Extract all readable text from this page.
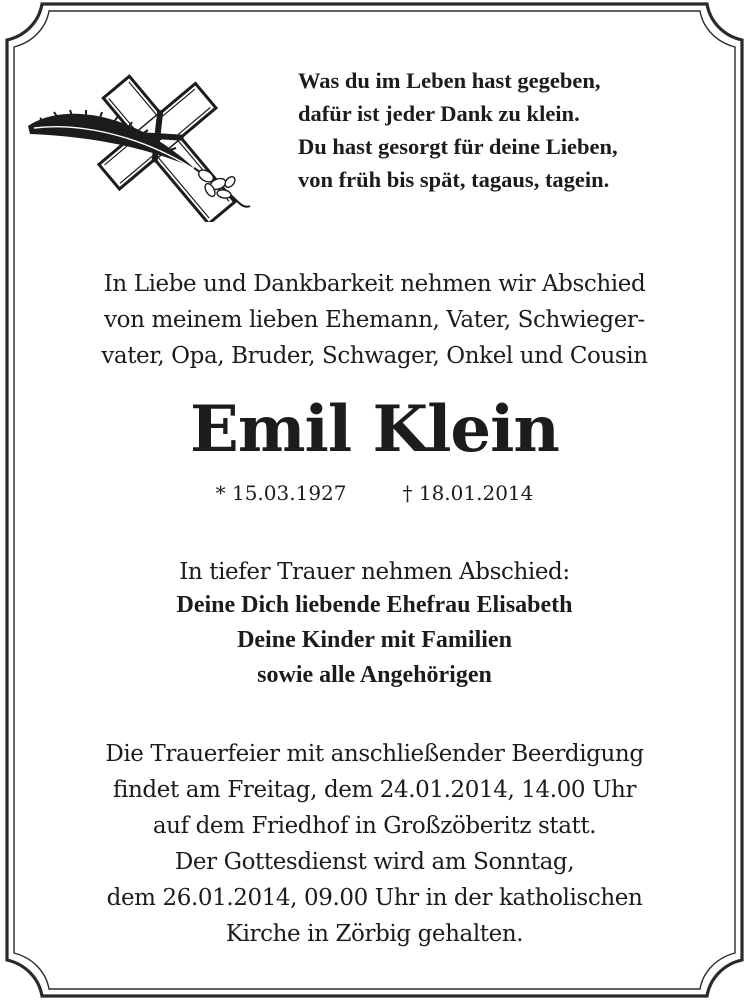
Was du im Leben hast gegeben,
dafür ist jeder Dank zu klein.
Du hast gesorgt für deine Lieben,
von früh bis spät, tagaus, tagein.
In Liebe und Dankbarkeit nehmen wir Abschied
von meinem lieben Ehemann, Vater, Schwieger-
vater, Opa, Bruder, Schwager, Onkel und Cousin
Emil Klein
* 15.03.1927	† 18.01.2014
In tiefer Trauer nehmen Abschied:
Deine Dich liebende Ehefrau Elisabeth
Deine Kinder mit Familien
sowie alle Angehörigen
Die Trauerfeier mit anschließender Beerdigung
findet am Freitag, dem 24.01.2014, 14.00 Uhr
auf dem Friedhof in Großzöberitz statt.
Der Gottesdienst wird am Sonntag,
dem 26.01.2014, 09.00 Uhr in der katholischen
Kirche in Zörbig gehalten.
